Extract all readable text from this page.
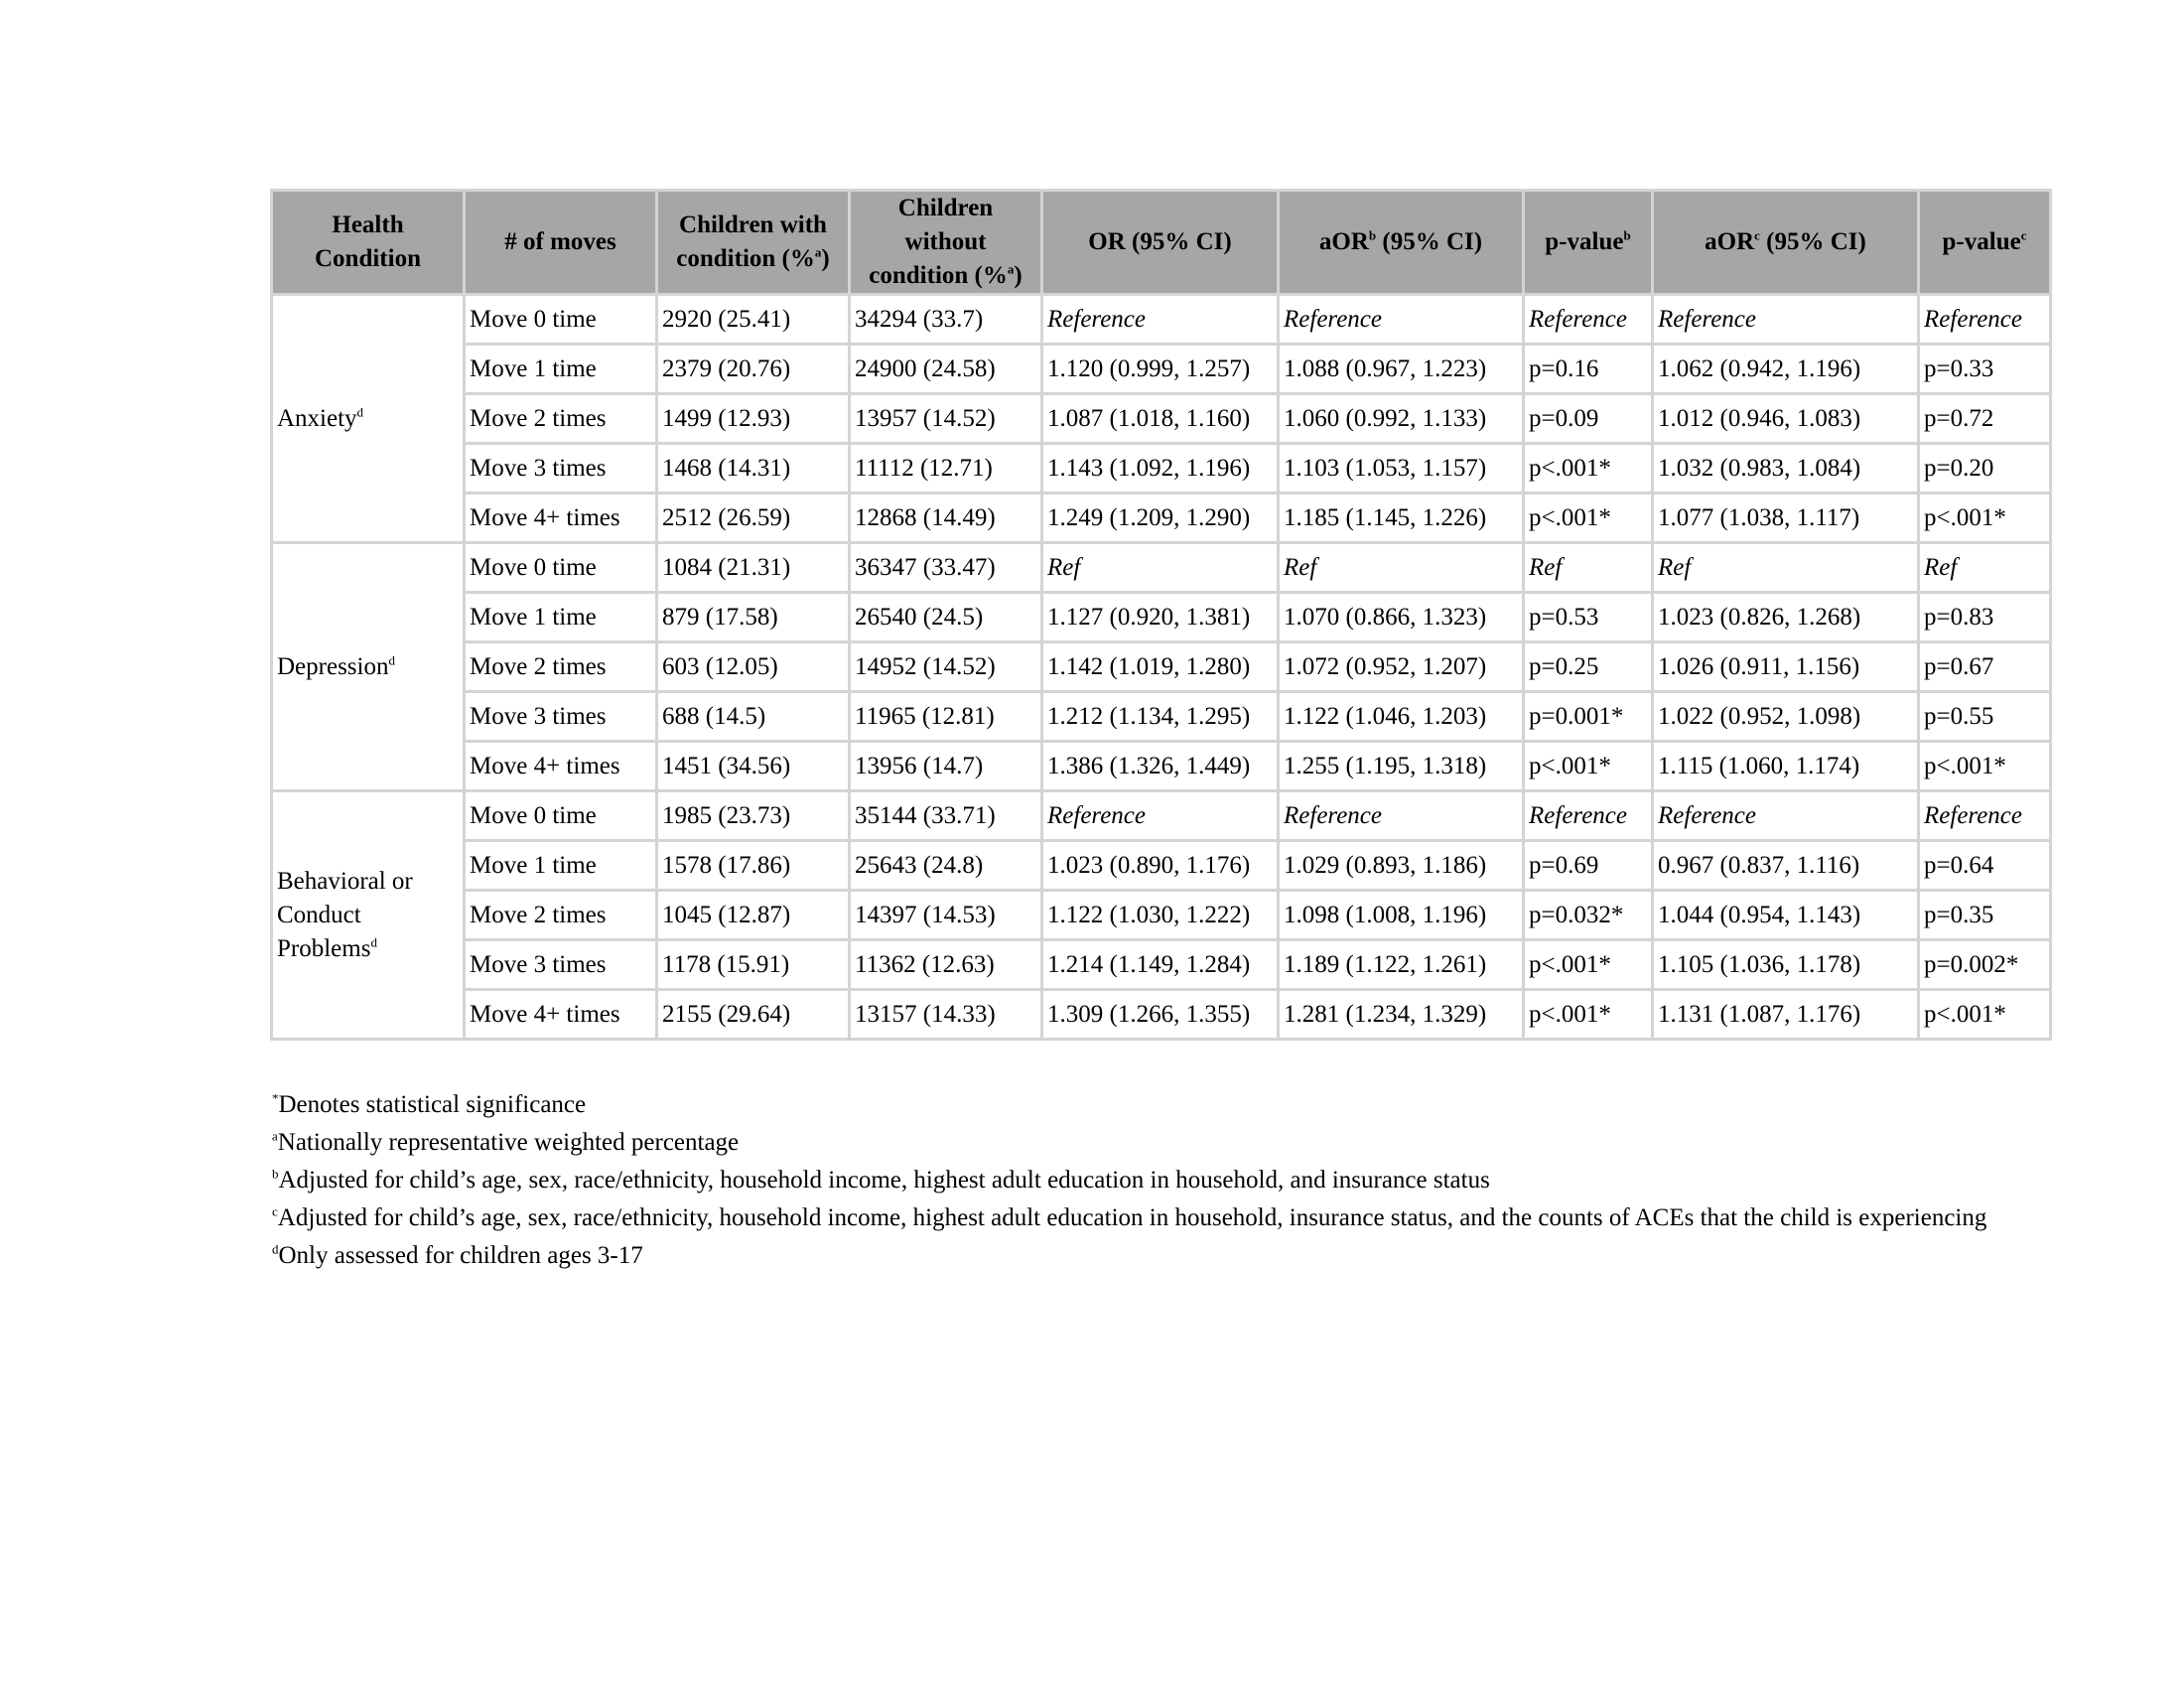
Health Condition	# of moves	Children with condition (%$^a$)	Children without condition (%$^a$)	OR (95% CI)	aOR$^b$ (95% CI)	p-value$^b$	aOR$^c$ (95% CI)	p-value$^c$
Anxiety$^d$	Move 0 time	2920 (25.41)	34294 (33.7)	Reference	Reference	Reference	Reference	Reference
	Move 1 time	2379 (20.76)	24900 (24.58)	1.120 (0.999, 1.257)	1.088 (0.967, 1.223)	p=0.16	1.062 (0.942, 1.196)	p=0.33
	Move 2 times	1499 (12.93)	13957 (14.52)	1.087 (1.018, 1.160)	1.060 (0.992, 1.133)	p=0.09	1.012 (0.946, 1.083)	p=0.72
	Move 3 times	1468 (14.31)	11112 (12.71)	1.143 (1.092, 1.196)	1.103 (1.053, 1.157)	p<.001*	1.032 (0.983, 1.084)	p=0.20
	Move 4+ times	2512 (26.59)	12868 (14.49)	1.249 (1.209, 1.290)	1.185 (1.145, 1.226)	p<.001*	1.077 (1.038, 1.117)	p<.001*
Depression$^d$	Move 0 time	1084 (21.31)	36347 (33.47)	Ref	Ref	Ref	Ref	Ref
	Move 1 time	879 (17.58)	26540 (24.5)	1.127 (0.920, 1.381)	1.070 (0.866, 1.323)	p=0.53	1.023 (0.826, 1.268)	p=0.83
	Move 2 times	603 (12.05)	14952 (14.52)	1.142 (1.019, 1.280)	1.072 (0.952, 1.207)	p=0.25	1.026 (0.911, 1.156)	p=0.67
	Move 3 times	688 (14.5)	11965 (12.81)	1.212 (1.134, 1.295)	1.122 (1.046, 1.203)	p=0.001*	1.022 (0.952, 1.098)	p=0.55
	Move 4+ times	1451 (34.56)	13956 (14.7)	1.386 (1.326, 1.449)	1.255 (1.195, 1.318)	p<.001*	1.115 (1.060, 1.174)	p<.001*
Behavioral or Conduct Problems$^d$	Move 0 time	1985 (23.73)	35144 (33.71)	Reference	Reference	Reference	Reference	Reference
	Move 1 time	1578 (17.86)	25643 (24.8)	1.023 (0.890, 1.176)	1.029 (0.893, 1.186)	p=0.69	0.967 (0.837, 1.116)	p=0.64
	Move 2 times	1045 (12.87)	14397 (14.53)	1.122 (1.030, 1.222)	1.098 (1.008, 1.196)	p=0.032*	1.044 (0.954, 1.143)	p=0.35
	Move 3 times	1178 (15.91)	11362 (12.63)	1.214 (1.149, 1.284)	1.189 (1.122, 1.261)	p<.001*	1.105 (1.036, 1.178)	p=0.002*
	Move 4+ times	2155 (29.64)	13157 (14.33)	1.309 (1.266, 1.355)	1.281 (1.234, 1.329)	p<.001*	1.131 (1.087, 1.176)	p<.001*

*Denotes statistical significance

$^a$Nationally representative weighted percentage

$^b$Adjusted for child’s age, sex, race/ethnicity, household income, highest adult education in household, and insurance status

$^c$Adjusted for child’s age, sex, race/ethnicity, household income, highest adult education in household, insurance status, and the counts of ACEs that the child is experiencing

$^d$Only assessed for children ages 3-17
